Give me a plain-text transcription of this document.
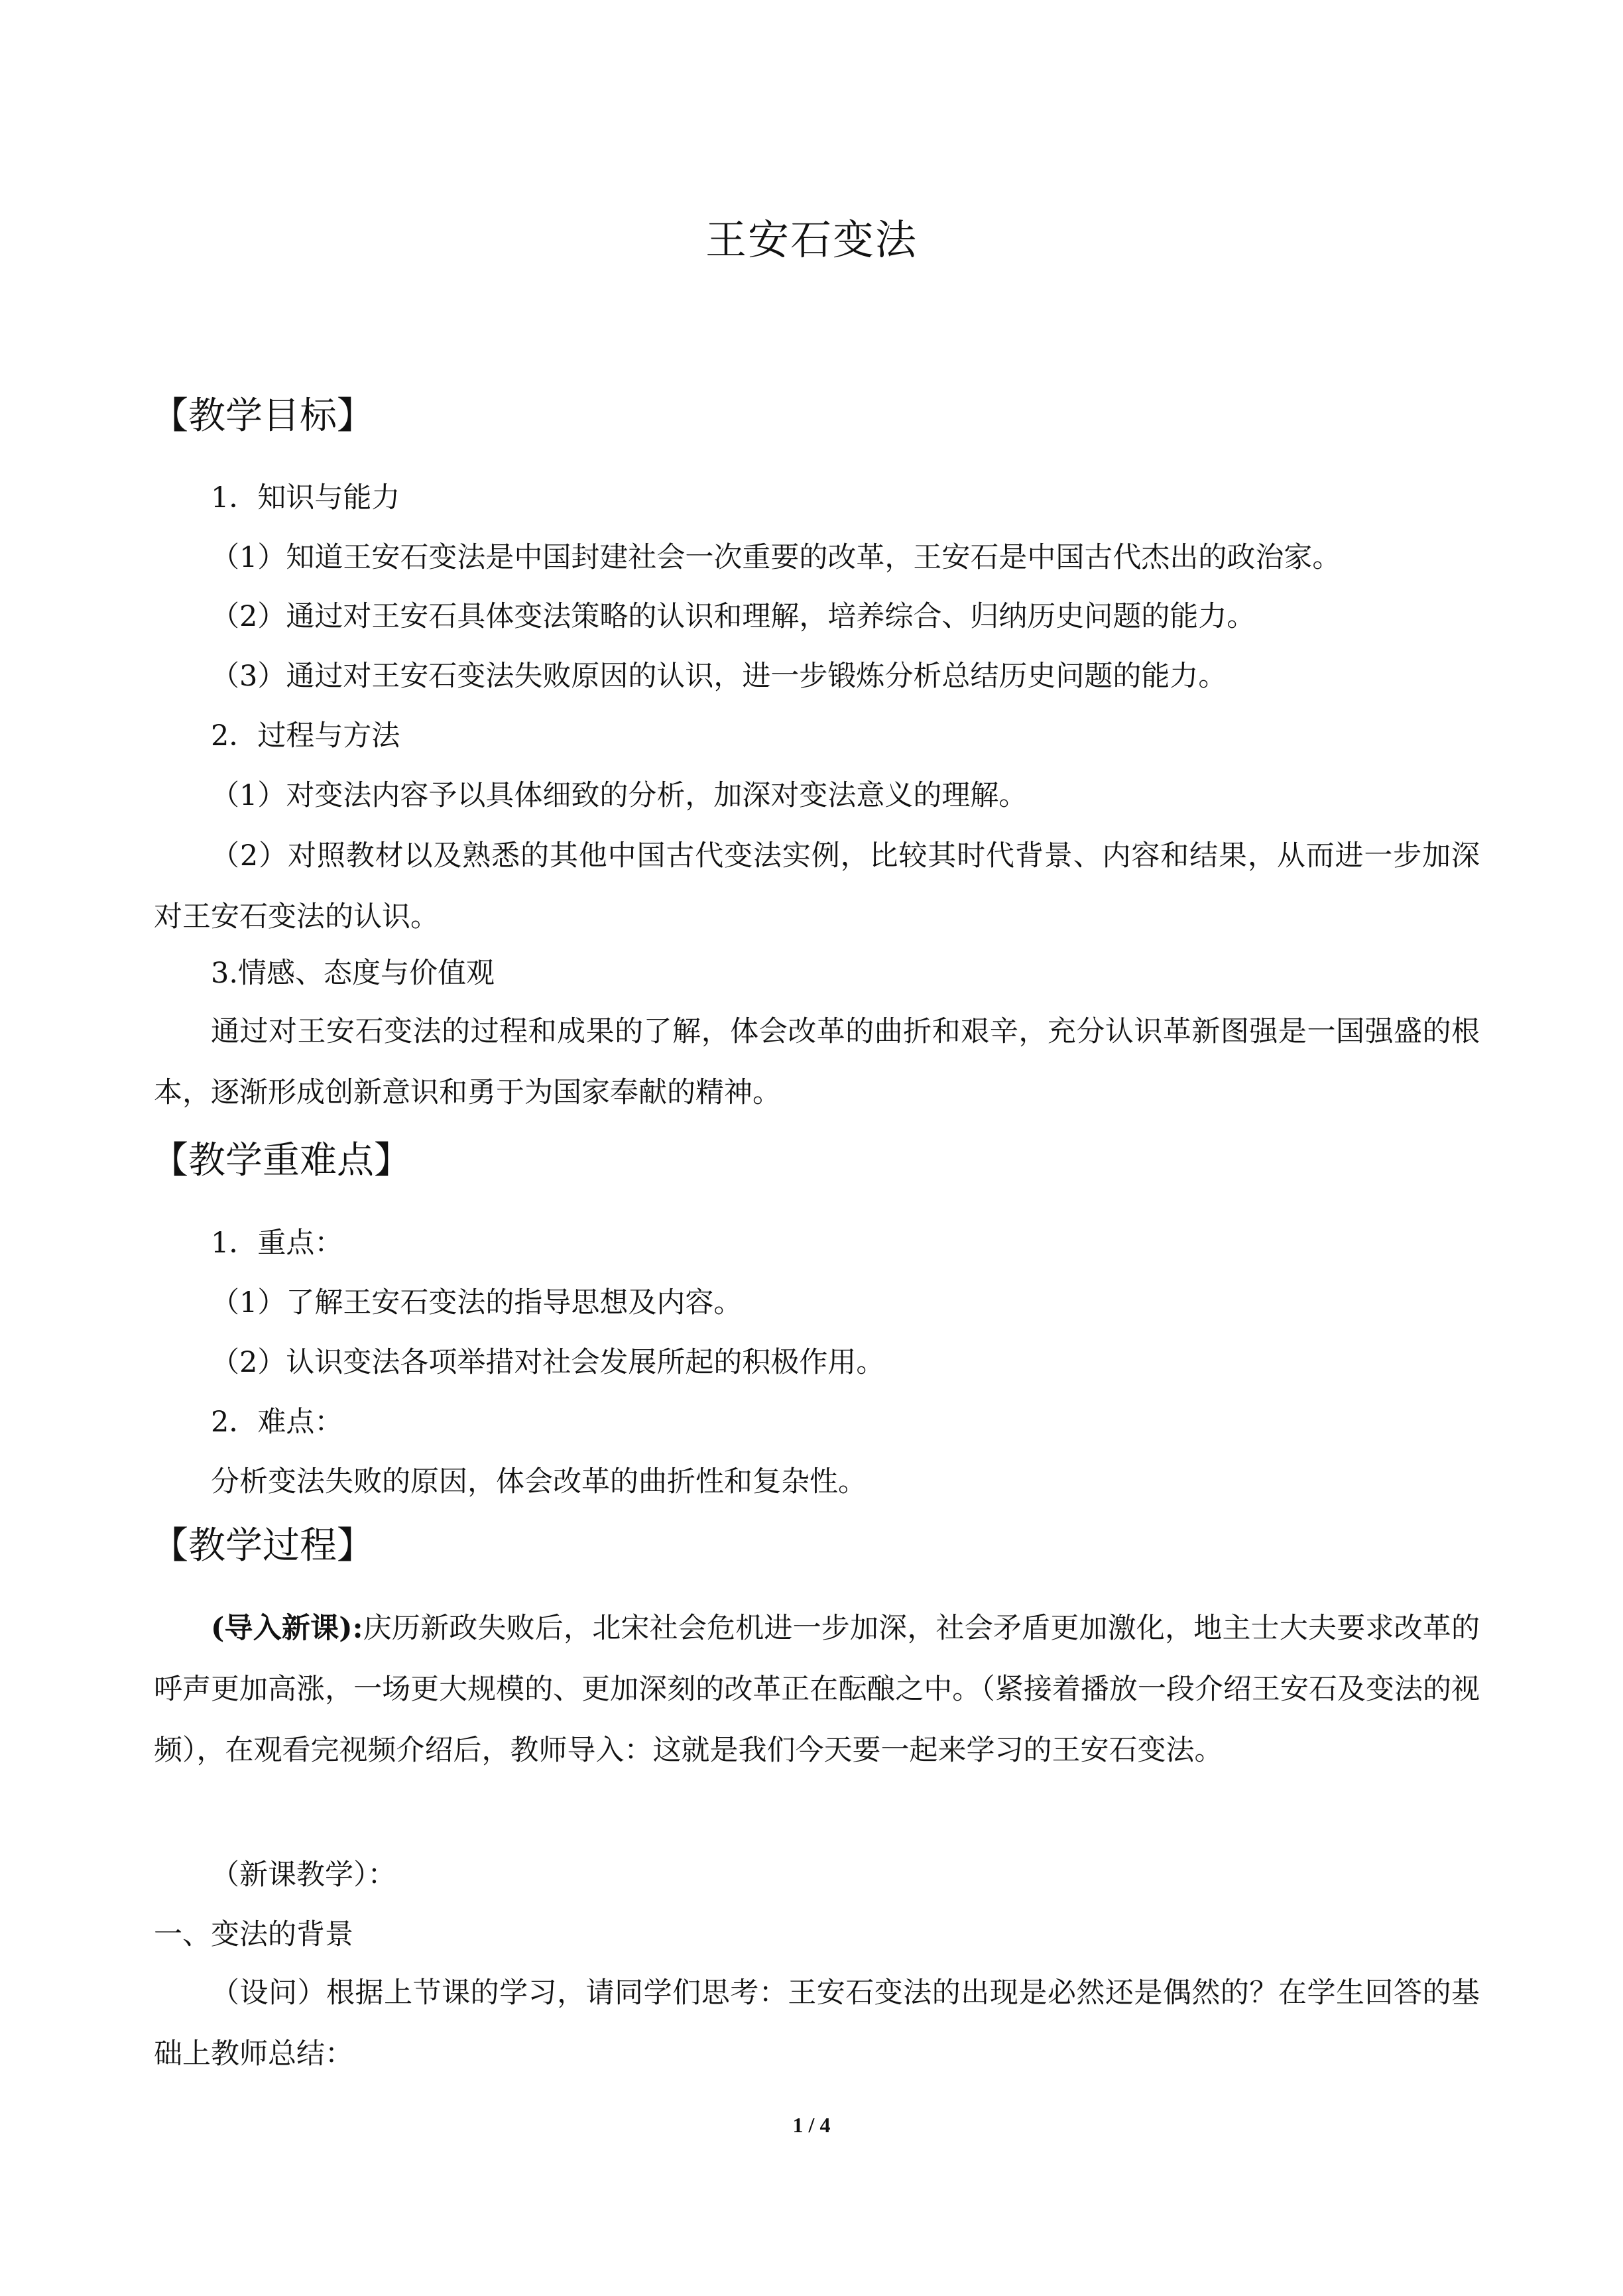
王安石变法
【教学目标】
1．知识与能力
（1）知道王安石变法是中国封建社会一次重要的改革，王安石是中国古代杰出的政治家。
（2）通过对王安石具体变法策略的认识和理解，培养综合、归纳历史问题的能力。
（3）通过对王安石变法失败原因的认识，进一步锻炼分析总结历史问题的能力。
2．过程与方法
（1）对变法内容予以具体细致的分析，加深对变法意义的理解。

（2）对照教材以及熟悉的其他中国古代变法实例，比较其时代背景、内容和结果，从而进一步加深对王安石变法的认识。

3.情感、态度与价值观

通过对王安石变法的过程和成果的了解，体会改革的曲折和艰辛，充分认识革新图强是一国强盛的根本，逐渐形成创新意识和勇于为国家奉献的精神。

【教学重难点】
1．重点：
（1）了解王安石变法的指导思想及内容。
（2）认识变法各项举措对社会发展所起的积极作用。
2．难点：
分析变法失败的原因，体会改革的曲折性和复杂性。
【教学过程】

(导入新课):庆历新政失败后，北宋社会危机进一步加深，社会矛盾更加激化，地主士大夫要求改革的呼声更加高涨，一场更大规模的、更加深刻的改革正在酝酿之中。（紧接着播放一段介绍王安石及变法的视频），在观看完视频介绍后，教师导入：这就是我们今天要一起来学习的王安石变法。

（新课教学）：
一、变法的背景

（设问）根据上节课的学习，请同学们思考：王安石变法的出现是必然还是偶然的？在学生回答的基础上教师总结：

1 / 4
